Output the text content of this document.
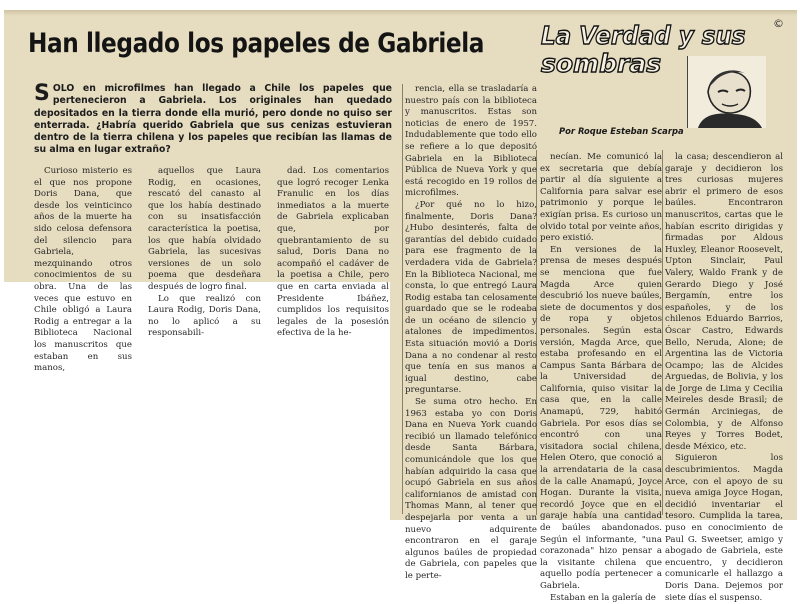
©
Han llegado los papeles de Gabriela

SOLO en microfilmes han llegado a Chile los papeles que pertenecieron a Gabriela. Los originales han quedado depositados en la tierra donde ella murió, pero donde no quiso ser enterrada. ¿Habría querido Gabriela que sus cenizas estuvieran dentro de la tierra chilena y los papeles que recibían las llamas de su alma en lugar extraño?

La Verdad y sus
sombras
Por Roque Esteban Scarpa

Curioso misterio es el que nos propone Doris Dana, que desde los veinticinco años de la muerte ha sido celosa defensora del silencio para Gabriela, mezquinando otros conocimientos de su obra. Una de las veces que estuvo en Chile obligó a Laura Rodig a entregar a la Biblioteca Nacional los manuscritos que estaban en sus manos,

aquellos que Laura Rodig, en ocasiones, rescató del canasto al que los había destinado con su insatisfacción característica la poetisa, los que había olvidado Gabriela, las sucesivas versiones de un solo poema que desdeñara después de logro final.

Lo que realizó con Laura Rodig, Doris Dana, no lo aplicó a su responsabili-

dad. Los comentarios que logró recoger Lenka Franulic en los días inmediatos a la muerte de Gabriela explicaban que, por quebrantamiento de su salud, Doris Dana no acompañó el cadáver de la poetisa a Chile, pero que en carta enviada al Presidente Ibáñez, cumplidos los requisitos legales de la posesión efectiva de la he-

rencia, ella se trasladaría a nuestro país con la biblioteca y manuscritos. Estas son noticias de enero de 1957. Indudablemente que todo ello se refiere a lo que depositó Gabriela en la Biblioteca Pública de Nueva York y que está recogido en 19 rollos de microfilmes.

¿Por qué no lo hizo, finalmente, Doris Dana? ¿Hubo desinterés, falta de garantías del debido cuidado para ese fragmento de la verdadera vida de Gabriela? En la Biblioteca Nacional, me consta, lo que entregó Laura Rodig estaba tan celosamente guardado que se le rodeaba de un océano de silencio y atalones de impedimentos. Esta situación movió a Doris Dana a no condenar al resto que tenía en sus manos a igual destino, cabe preguntarse.

Se suma otro hecho. En 1963 estaba yo con Doris Dana en Nueva York cuando recibió un llamado telefónico desde Santa Bárbara, comunicándole que los que habían adquirido la casa que ocupó Gabriela en sus años californianos de amistad con Thomas Mann, al tener que despejarla por venta a un nuevo adquirente encontraron en el garaje algunos baúles de propiedad de Gabriela, con papeles que le perte-

necían. Me comunicó la ex secretaria que debía partir al día siguiente a California para salvar ese patrimonio y porque le exigían prisa. Es curioso un olvido total por veinte años, pero existió.

En versiones de la prensa de meses después se menciona que fue Magda Arce quien descubrió los nueve baúles, siete de documentos y dos de ropa y objetos personales. Según esta versión, Magda Arce, que estaba profesando en el Campus Santa Bárbara de la Universidad de California, quiso visitar la casa que, en la calle Anamapú, 729, habitó Gabriela. Por esos días se encontró con una visitadora social chilena, Helen Otero, que conoció a la arrendataria de la casa de la calle Anamapú, Joyce Hogan. Durante la visita, recordó Joyce que en el garaje había una cantidad de baúles abandonados. Según el informante, "una corazonada" hizo pensar a la visitante chilena que aquello podía pertenecer a Gabriela.

Estaban en la galería de

la casa; descendieron al garaje y decidieron los tres curiosas mujeres abrir el primero de esos baúles. Encontraron manuscritos, cartas que le habían escrito dirigidas y firmadas por Aldous Huxley, Eleanor Roosevelt, Upton Sinclair, Paul Valery, Waldo Frank y de Gerardo Diego y José Bergamín, entre los españoles, y de los chilenos Eduardo Barrios, Óscar Castro, Edwards Bello, Neruda, Alone; de Argentina las de Victoria Ocampo; las de Alcides Arguedas, de Bolivia, y los de Jorge de Lima y Cecilia Meireles desde Brasil; de Germán Arciniegas, de Colombia, y de Alfonso Reyes y Torres Bodet, desde México, etc.

Siguieron los descubrimientos. Magda Arce, con el apoyo de su nueva amiga Joyce Hogan, decidió inventariar el tesoro. Cumplida la tarea, puso en conocimiento de Paul G. Sweetser, amigo y abogado de Gabriela, este encuentro, y decidieron comunicarle el hallazgo a Doris Dana. Dejemos por siete días el suspenso.
